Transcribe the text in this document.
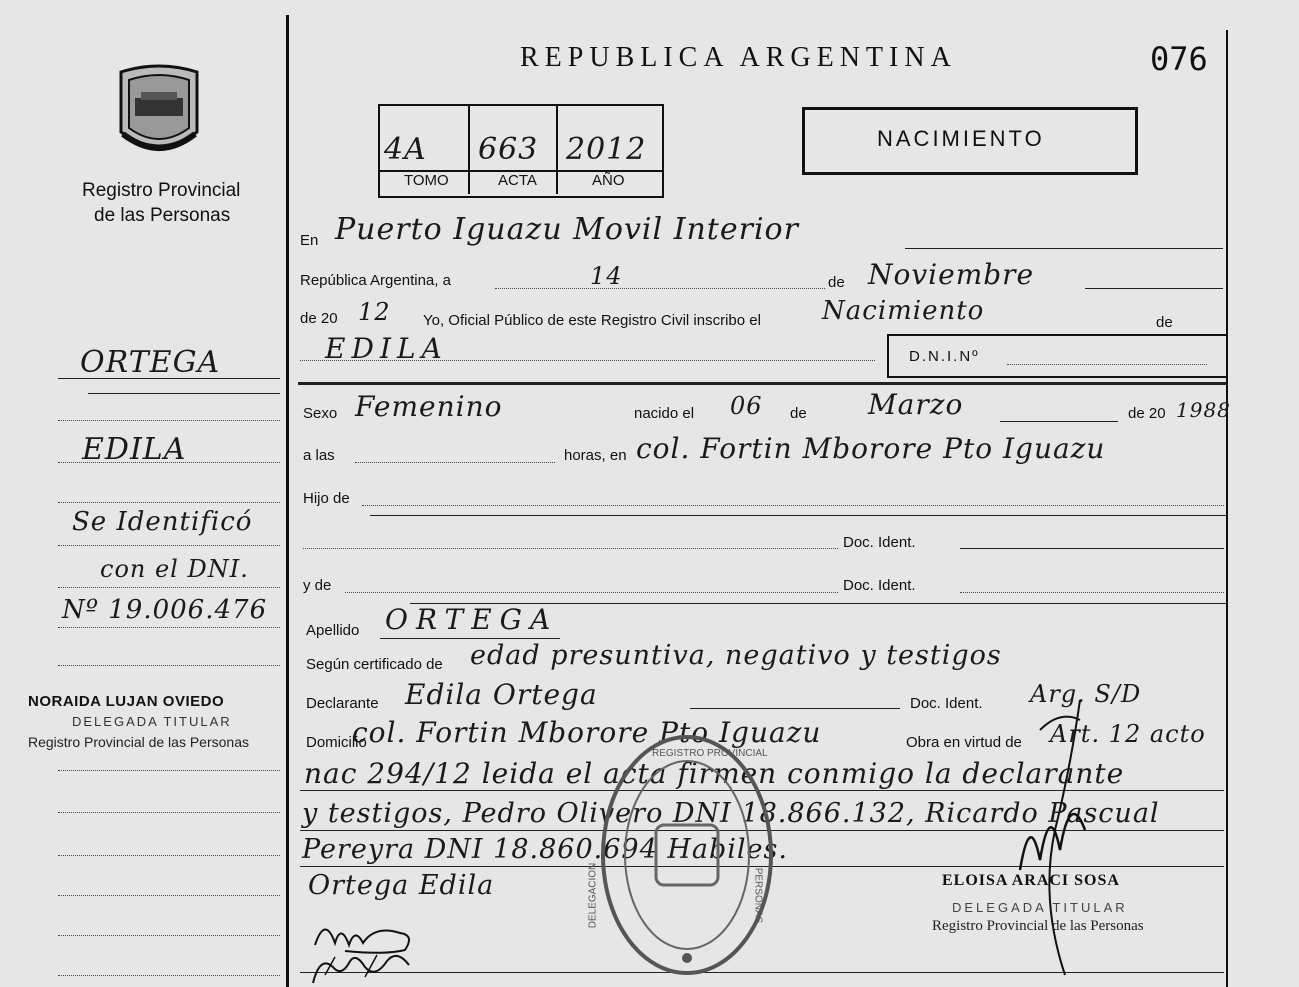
Registro Provincial
de las Personas
ORTEGA
EDILA
Se Identificó
con el DNI.
Nº 19.006.476
NORAIDA LUJAN OVIEDO
DELEGADA TITULAR
Registro Provincial de las Personas
REPUBLICA ARGENTINA	076
4A 663 2012
TOMO	ACTA	AÑO
NACIMIENTO
En Puerto Iguazu Movil Interior
República Argentina, a	14	de Noviembre
de 20 12 Yo, Oficial Público de este Registro Civil inscribo el Nacimiento	de
EDILA	D.N.I.Nº
Sexo Femenino	nacido el 06 de Marzo	de 20 1988
a las	horas, en col. Fortin Mborore Pto Iguazu
Hijo de
Doc. Ident.
y de	Doc. Ident.
Apellido ORTEGA
Según certificado de edad presuntiva, negativo y testigos
Declarante Edila Ortega	Doc. Ident. Arg. S/D
Domicilio
col. Fortin Mborore Pto Iguazu	Obra en virtud de Art. 12 acto
nac 294/12 leida el acta firmen conmigo la declarante
y testigos, Pedro Olivero DNI 18.866.132, Ricardo Pascual
Pereyra DNI 18.860.694 Habiles.
Ortega Edila
REGISTRO PROVINCIAL
DELEGACION	PERSONAS	ELOISA ARACI SOSA
DELEGADA TITULAR
Registro Provincial de las Personas
